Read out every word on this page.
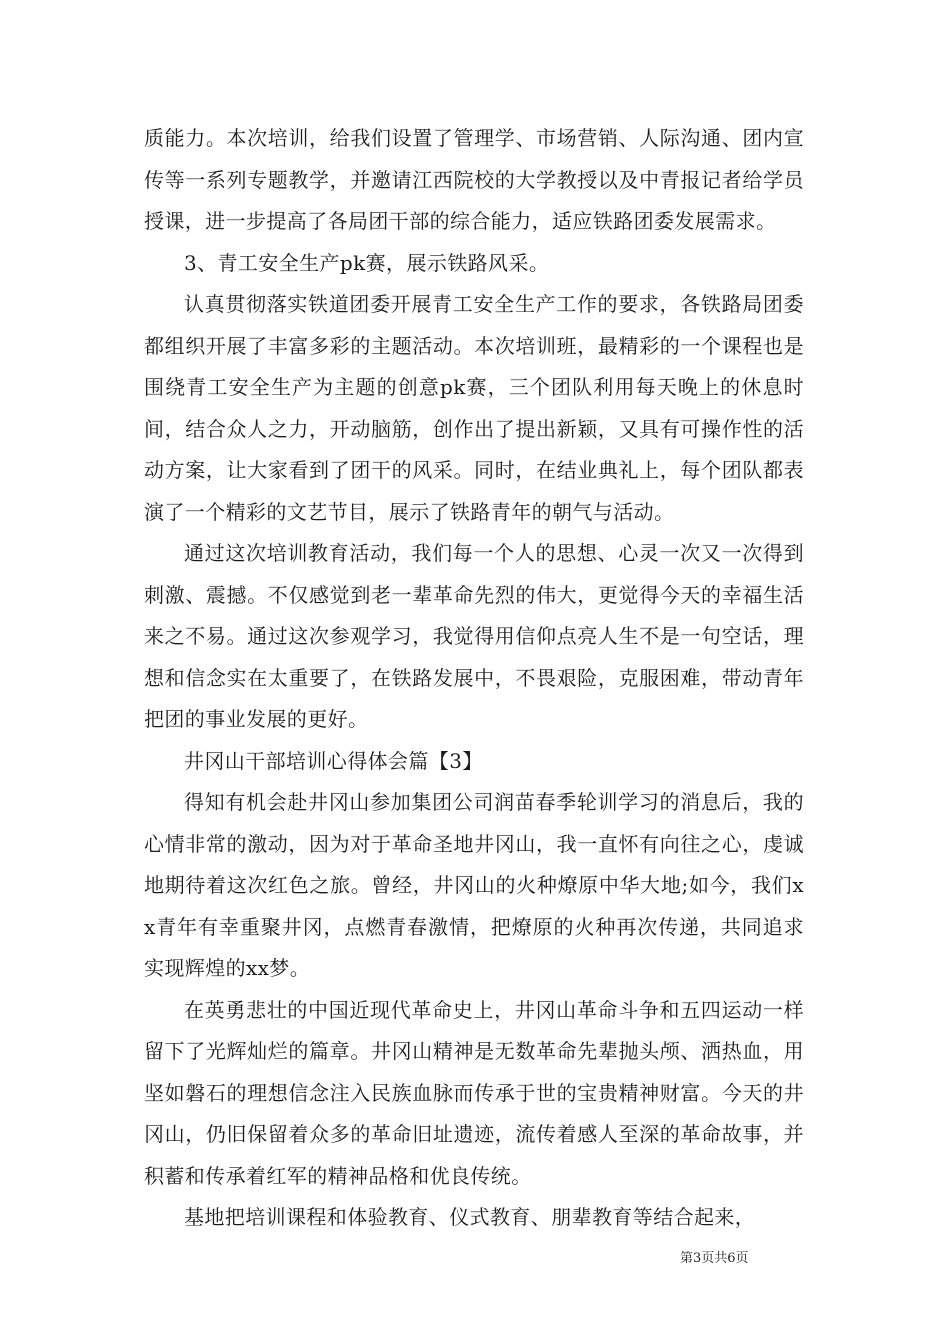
质能力。本次培训，给我们设置了管理学、市场营销、人际沟通、团内宣传等一系列专题教学，并邀请江西院校的大学教授以及中青报记者给学员授课，进一步提高了各局团干部的综合能力，适应铁路团委发展需求。

3、青工安全生产pk赛，展示铁路风采。

认真贯彻落实铁道团委开展青工安全生产工作的要求，各铁路局团委都组织开展了丰富多彩的主题活动。本次培训班，最精彩的一个课程也是围绕青工安全生产为主题的创意pk赛，三个团队利用每天晚上的休息时间，结合众人之力，开动脑筋，创作出了提出新颖，又具有可操作性的活动方案，让大家看到了团干的风采。同时，在结业典礼上，每个团队都表演了一个精彩的文艺节目，展示了铁路青年的朝气与活动。

通过这次培训教育活动，我们每一个人的思想、心灵一次又一次得到刺激、震撼。不仅感觉到老一辈革命先烈的伟大，更觉得今天的幸福生活来之不易。通过这次参观学习，我觉得用信仰点亮人生不是一句空话，理想和信念实在太重要了，在铁路发展中，不畏艰险，克服困难，带动青年把团的事业发展的更好。

井冈山干部培训心得体会篇【3】

得知有机会赴井冈山参加集团公司润苗春季轮训学习的消息后，我的心情非常的激动，因为对于革命圣地井冈山，我一直怀有向往之心，虔诚地期待着这次红色之旅。曾经，井冈山的火种燎原中华大地;如今，我们xx青年有幸重聚井冈，点燃青春激情，把燎原的火种再次传递，共同追求实现辉煌的xx梦。

在英勇悲壮的中国近现代革命史上，井冈山革命斗争和五四运动一样留下了光辉灿烂的篇章。井冈山精神是无数革命先辈抛头颅、洒热血，用坚如磐石的理想信念注入民族血脉而传承于世的宝贵精神财富。今天的井冈山，仍旧保留着众多的革命旧址遗迹，流传着感人至深的革命故事，并积蓄和传承着红军的精神品格和优良传统。

基地把培训课程和体验教育、仪式教育、朋辈教育等结合起来，

第3页共6页
